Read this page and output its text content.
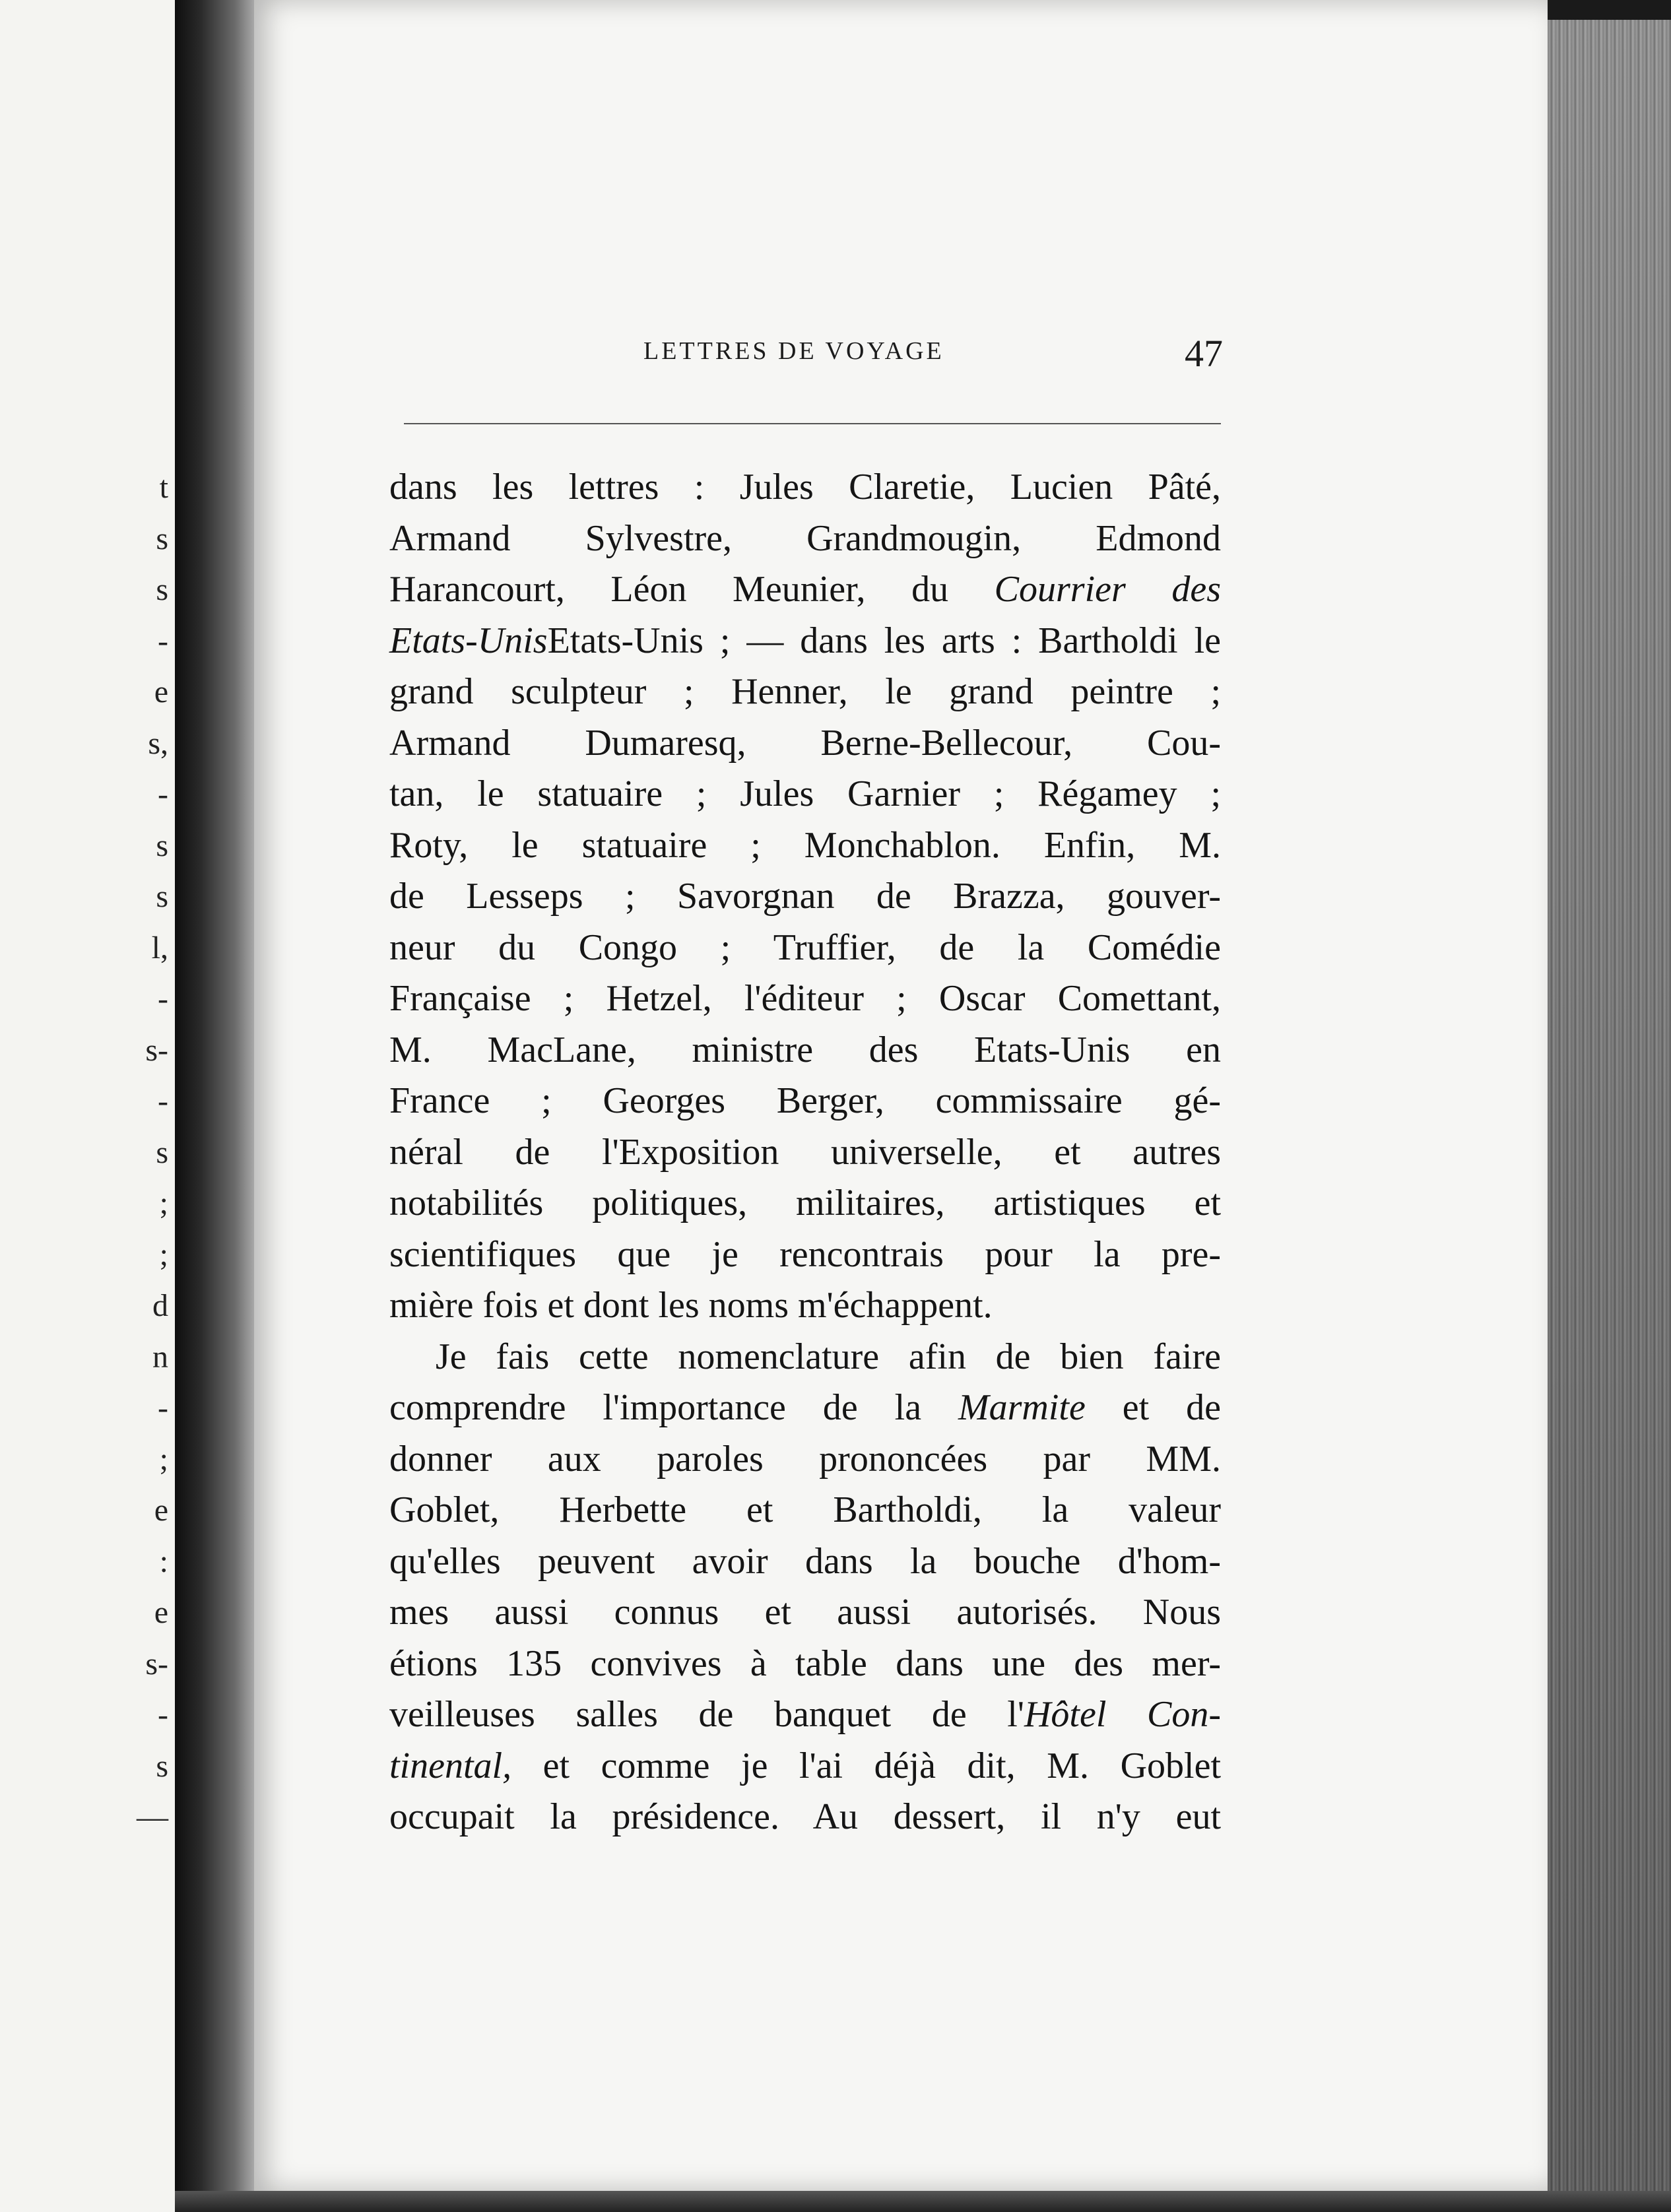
t
s
s
-
e
s,
-
s
s
l,
-
s-
-
s
;
;
d
n
-
;
e
:
e
s-
-
s
—
LETTRES DE VOYAGE	47
dans les lettres : Jules Claretie, Lucien Pâté,
Armand Sylvestre, Grandmougin, Edmond
Harancourt, Léon Meunier, du Courrier des
Etats-UnisEtats-Unis ; — dans les arts : Bartholdi le
grand sculpteur ; Henner, le grand peintre ;
Armand Dumaresq, Berne-Bellecour, Cou-
tan, le statuaire ; Jules Garnier ; Régamey ;
Roty, le statuaire ; Monchablon. Enfin, M.
de Lesseps ; Savorgnan de Brazza, gouver-
neur du Congo ; Truffier, de la Comédie
Française ; Hetzel, l'éditeur ; Oscar Comettant,
M. MacLane, ministre des Etats-Unis en
France ; Georges Berger, commissaire gé-
néral de l'Exposition universelle, et autres
notabilités politiques, militaires, artistiques et
scientifiques que je rencontrais pour la pre-
mière fois et dont les noms m'échappent.
Je fais cette nomenclature afin de bien faire
comprendre l'importance de la Marmite et de
donner aux paroles prononcées par MM.
Goblet, Herbette et Bartholdi, la valeur
qu'elles peuvent avoir dans la bouche d'hom-
mes aussi connus et aussi autorisés. Nous
étions 135 convives à table dans une des mer-
veilleuses salles de banquet de l'Hôtel Con-
tinental, et comme je l'ai déjà dit, M. Goblet
occupait la présidence. Au dessert, il n'y eut
